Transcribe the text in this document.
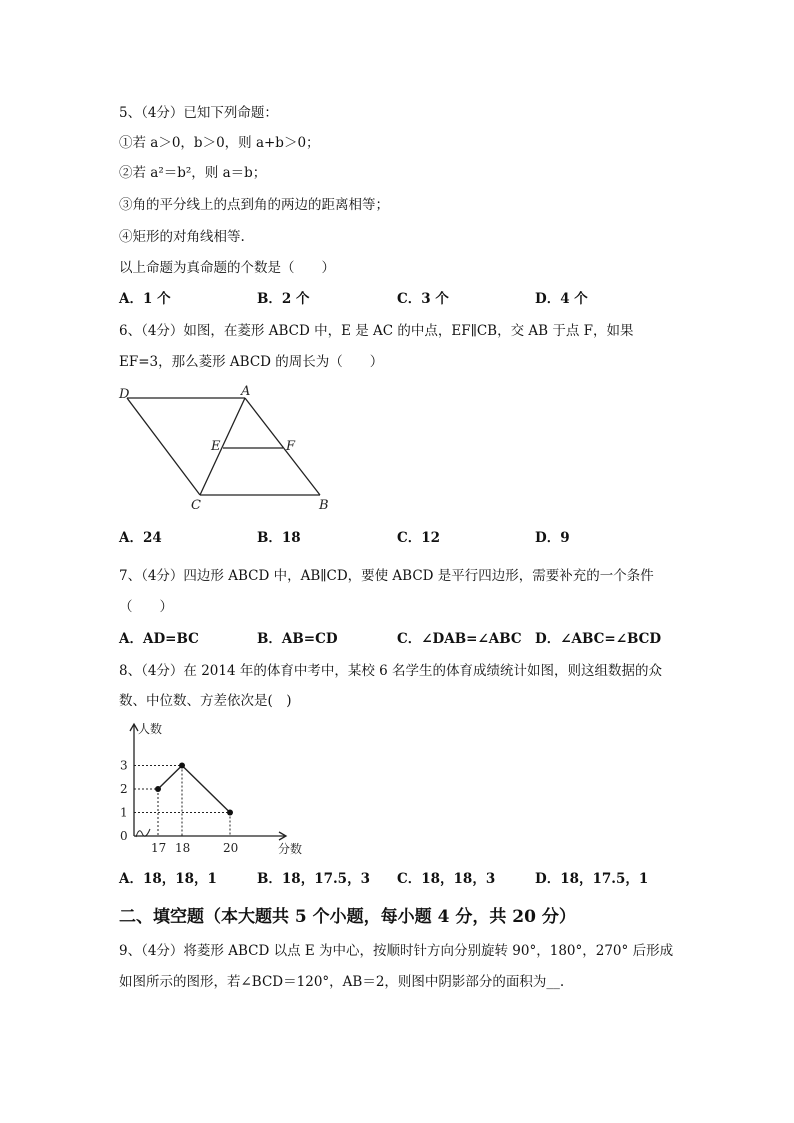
5、（4分）已知下列命题：
①若 a＞0，b＞0，则 a+b＞0；
②若 a²＝b²，则 a＝b；
③角的平分线上的点到角的两边的距离相等；
④矩形的对角线相等.
以上命题为真命题的个数是（　　）
A．1 个	B．2 个	C．3 个	D．4 个
6、（4分）如图，在菱形 ABCD 中，E 是 AC 的中点，EF∥CB，交 AB 于点 F，如果
EF=3，那么菱形 ABCD 的周长为（　　）
D	A
E	F
C	B
A．24	B．18	C．12	D．9
7、（4分）四边形 ABCD 中，AB∥CD，要使 ABCD 是平行四边形，需要补充的一个条件
（　　）
A．AD=BC	B．AB=CD	C．∠DAB=∠ABC D．∠ABC=∠BCD
8、（4分）在 2014 年的体育中考中，某校 6 名学生的体育成绩统计如图，则这组数据的众
数、中位数、方差依次是(　)
0
1
2
3
17 18	20
人数
分数
A．18，18，1	B．18，17.5，3 C．18，18，3	D．18，17.5，1
二、填空题（本大题共 5 个小题，每小题 4 分，共 20 分）
9、（4分）将菱形 ABCD 以点 E 为中心，按顺时针方向分别旋转 90°，180°，270° 后形成
如图所示的图形，若∠BCD＝120°，AB＝2，则图中阴影部分的面积为__.
